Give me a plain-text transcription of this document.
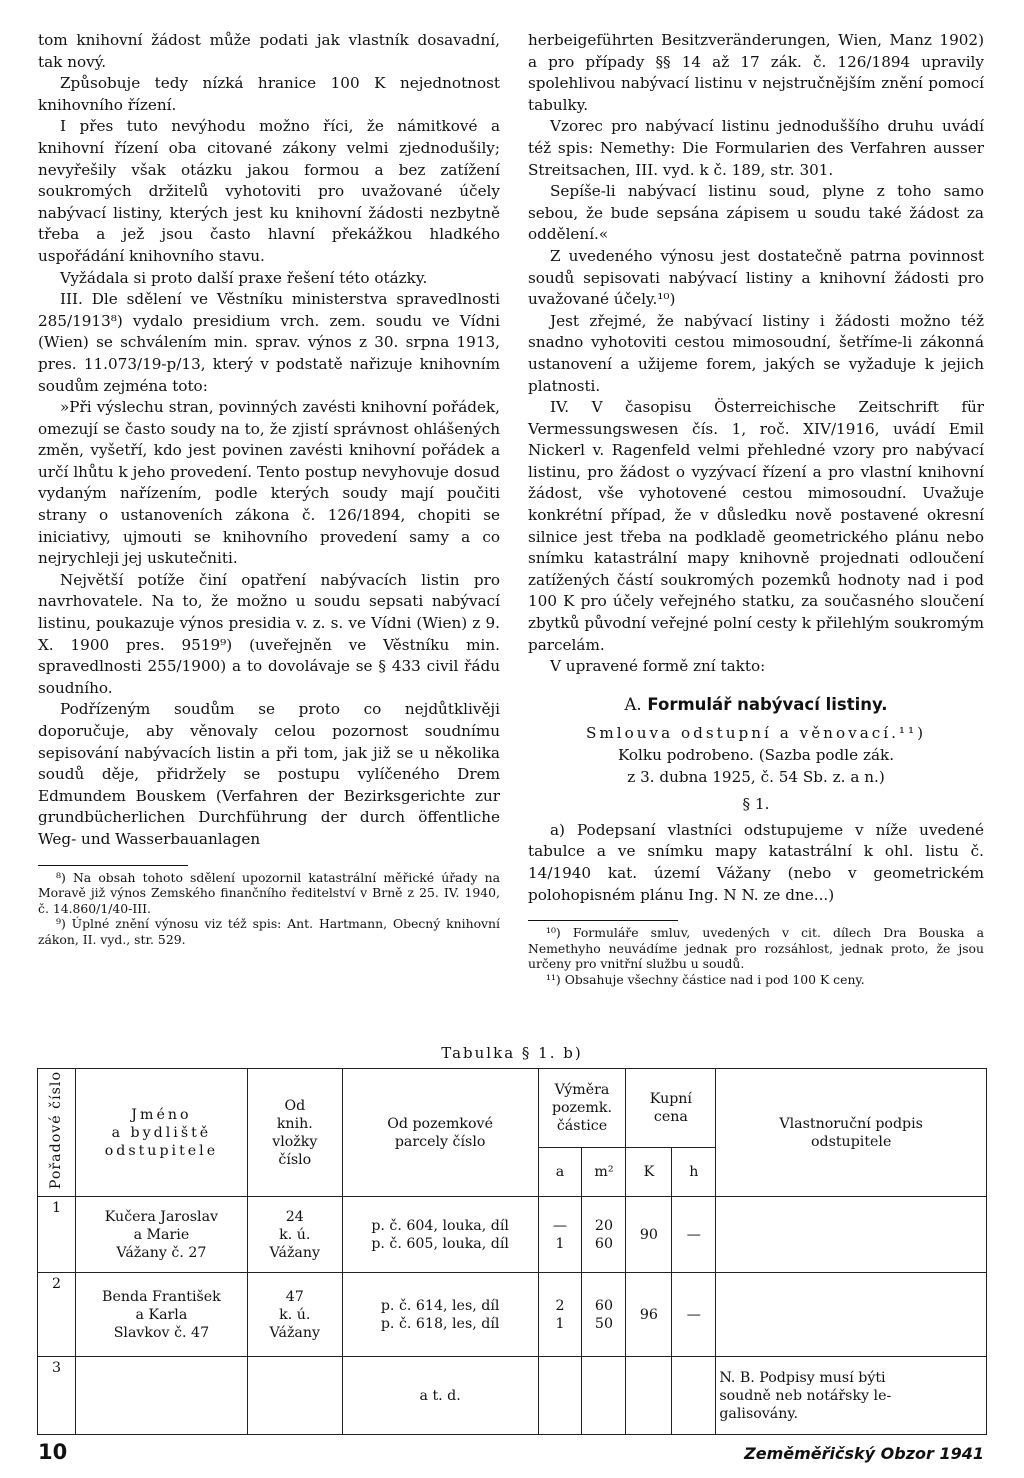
tom knihovní žádost může podati jak vlastník dosavadní, tak nový.

Způsobuje tedy nízká hranice 100 K nejednotnost knihovního řízení.

I přes tuto nevýhodu možno říci, že námitkové a knihovní řízení oba citované zákony velmi zjednodušily; nevyřešily však otázku jakou formou a bez zatížení soukromých držitelů vyhotoviti pro uvažované účely nabývací listiny, kterých jest ku knihovní žádosti nezbytně třeba a jež jsou často hlavní překážkou hladkého uspořádání knihovního stavu.

Vyžádala si proto další praxe řešení této otázky.

III. Dle sdělení ve Věstníku ministerstva spravedlnosti 285/1913⁸) vydalo presidium vrch. zem. soudu ve Vídni (Wien) se schválením min. sprav. výnos z 30. srpna 1913, pres. 11.073/19-p/13, který v podstatě nařizuje knihovním soudům zejména toto:

»Při výslechu stran, povinných zavésti knihovní pořádek, omezují se často soudy na to, že zjistí správnost ohlášených změn, vyšetří, kdo jest povinen zavésti knihovní pořádek a určí lhůtu k jeho provedení. Tento postup nevyhovuje dosud vydaným nařízením, podle kterých soudy mají poučiti strany o ustanoveních zákona č. 126/1894, chopiti se iniciativy, ujmouti se knihovního provedení samy a co nejrychleji jej uskutečniti.

Největší potíže činí opatření nabývacích listin pro navrhovatele. Na to, že možno u soudu sepsati nabývací listinu, poukazuje výnos presidia v. z. s. ve Vídni (Wien) z 9. X. 1900 pres. 9519⁹) (uveřejněn ve Věstníku min. spravedlnosti 255/1900) a to dovolávaje se § 433 civil řádu soudního.

Podřízeným soudům se proto co nejdůtklivěji doporučuje, aby věnovaly celou pozornost soudnímu sepisování nabývacích listin a při tom, jak již se u několika soudů děje, přidržely se postupu vylíčeného Drem Edmundem Bouskem (Verfahren der Bezirksgerichte zur grundbücherlichen Durchführung der durch öffentliche Weg- und Wasserbauanlagen

⁸) Na obsah tohoto sdělení upozornil katastrální měřické úřady na Moravě již výnos Zemského finančního ředitelství v Brně z 25. IV. 1940, č. 14.860/1/40-III.

⁹) Úplné znění výnosu viz též spis: Ant. Hartmann, Obecný knihovní zákon, II. vyd., str. 529.

herbeigeführten Besitzveränderungen, Wien, Manz 1902) a pro případy §§ 14 až 17 zák. č. 126/1894 upravily spolehlivou nabývací listinu v nejstručnějším znění pomocí tabulky.

Vzorec pro nabývací listinu jednoduššího druhu uvádí též spis: Nemethy: Die Formularien des Verfahren ausser Streitsachen, III. vyd. k č. 189, str. 301.

Sepíše-li nabývací listinu soud, plyne z toho samo sebou, že bude sepsána zápisem u soudu také žádost za oddělení.«

Z uvedeného výnosu jest dostatečně patrna povinnost soudů sepisovati nabývací listiny a knihovní žádosti pro uvažované účely.¹⁰)

Jest zřejmé, že nabývací listiny i žádosti možno též snadno vyhotoviti cestou mimosoudní, šetříme-li zákonná ustanovení a užijeme forem, jakých se vyžaduje k jejich platnosti.

IV. V časopisu Österreichische Zeitschrift für Vermessungswesen čís. 1, roč. XIV/1916, uvádí Emil Nickerl v. Ragenfeld velmi přehledné vzory pro nabývací listinu, pro žádost o vyzývací řízení a pro vlastní knihovní žádost, vše vyhotovené cestou mimosoudní. Uvažuje konkrétní případ, že v důsledku nově postavené okresní silnice jest třeba na podkladě geometrického plánu nebo snímku katastrální mapy knihovně projednati odloučení zatížených částí soukromých pozemků hodnoty nad i pod 100 K pro účely veřejného statku, za současného sloučení zbytků původní veřejné polní cesty k přilehlým soukromým parcelám.

V upravené formě zní takto:

A. Formulář nabývací listiny.

Smlouva odstupní a věnovací.¹¹)

Kolku podrobeno. (Sazba podle zák.

z 3. dubna 1925, č. 54 Sb. z. a n.)

§ 1.

a) Podepsaní vlastníci odstupujeme v níže uvedené tabulce a ve snímku mapy katastrální k ohl. listu č. 14/1940 kat. území Vážany (nebo v geometrickém polohopisném plánu Ing. N N. ze dne...)

¹⁰) Formuláře smluv, uvedených v cit. dílech Dra Bouska a Nemethyho neuvádíme jednak pro rozsáhlost, jednak proto, že jsou určeny pro vnitřní službu u soudů.

¹¹) Obsahuje všechny částice nad i pod 100 K ceny.

Tabulka § 1. b)
Pořadové číslo	Jméno
a bydliště
odstupitele	Od
knih.
vložky
číslo	Od pozemkové
parcely číslo	Výměra
pozemk.
částice		Kupní
cena		Vlastnoruční podpis
odstupitele

				a	m²	K	h	
1	Kučera Jaroslav
a Marie
Vážany č. 27	24
k. ú.
Vážany	p. č. 604, louka, díl
p. č. 605, louka, díl	—
1	20
60	90	—	
2	Benda František
a Karla
Slavkov č. 47	47
k. ú.
Vážany	p. č. 614, les, díl
p. č. 618, les, díl	2
1	60
50	96	—	
3			a t. d.					N. B. Podpisy musí býti
soudně neb notářsky le-
galisovány.
10	Zeměměřičský Obzor 1941
